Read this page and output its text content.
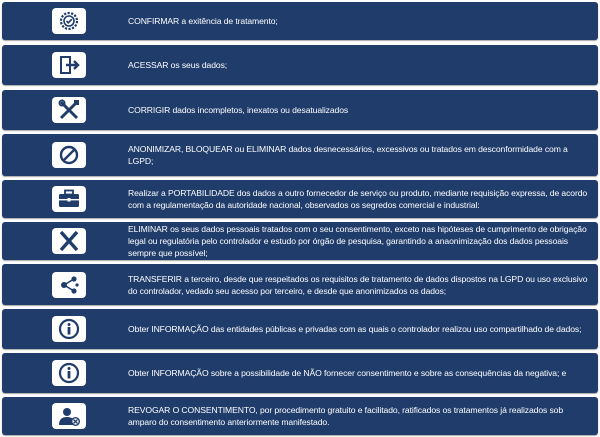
CONFIRMAR a exitência de tratamento;
ACESSAR os seus dados;
CORRIGIR dados incompletos, inexatos ou desatualizados
ANONIMIZAR, BLOQUEAR ou ELIMINAR dados desnecessários, excessivos ou tratados em desconformidade com a LGPD;
Realizar a PORTABILIDADE dos dados a outro fornecedor de serviço ou produto, mediante requisição expressa, de acordo com a regulamentação da autoridade nacional, observados os segredos comercial e industrial:
ELIMINAR os seus dados pessoais tratados com o seu consentimento, exceto nas hipóteses de cumprimento de obrigação legal ou regulatória pelo controlador e estudo por órgão de pesquisa, garantindo a anaonimização dos dados pessoais sempre que possível;
TRANSFERIR a terceiro, desde que respeitados os requisitos de tratamento de dados dispostos na LGPD ou uso exclusivo do controlador, vedado seu acesso por terceiro, e desde que anonimizados os dados;
Obter INFORMAÇÃO das entidades públicas e privadas com as quais o controlador realizou uso compartilhado de dados;
Obter INFORMAÇÃO sobre a possibilidade de NÃO fornecer consentimento e sobre as consequências da negativa; e
REVOGAR O CONSENTIMENTO, por procedimento gratuito e facilitado, ratificados os tratamentos já realizados sob amparo do consentimento anteriormente manifestado.
